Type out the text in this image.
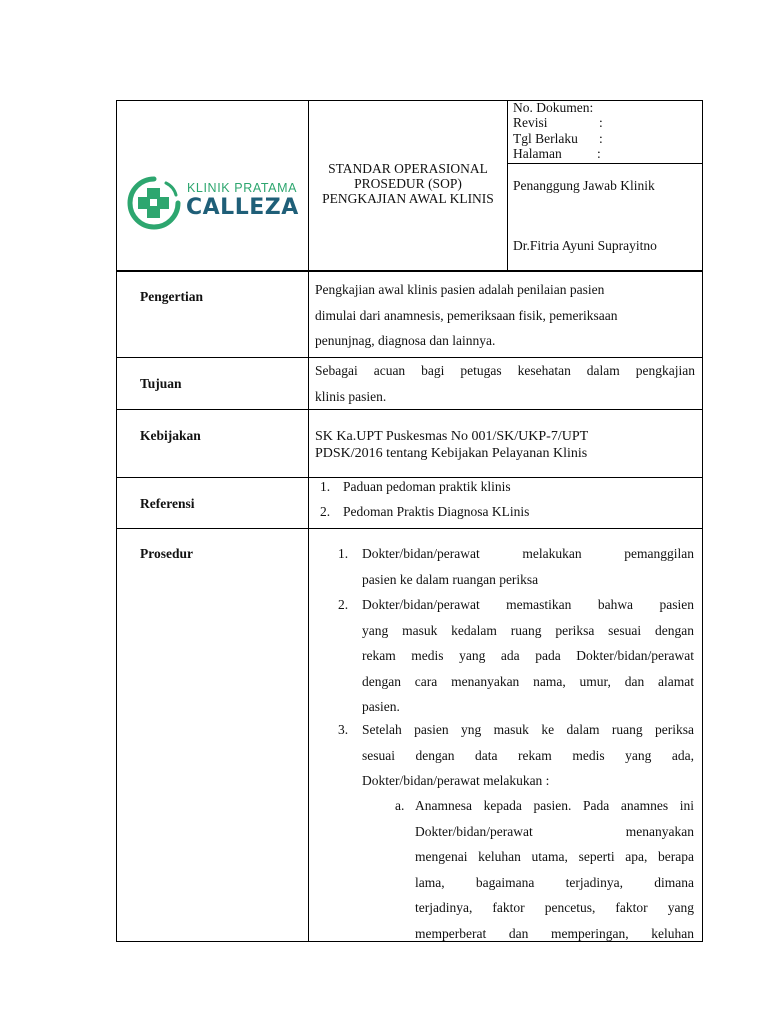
KLINIK PRATAMA
CALLEZA
STANDAR OPERASIONAL
PROSEDUR (SOP)
PENGKAJIAN AWAL KLINIS
No. Dokumen:
Revisi	:
Tgl Berlaku :
Halaman	:
Penanggung Jawab Klinik
Dr.Fitria Ayuni Suprayitno
Pengertian	Pengkajian awal klinis pasien adalah penilaian pasien
dimulai dari anamnesis, pemeriksaan fisik, pemeriksaan
penunjnag, diagnosa dan lainnya.
Tujuan
Sebagai acuan bagi petugas kesehatan dalam pengkajian
klinis pasien.
Kebijakan	SK Ka.UPT Puskesmas No 001/SK/UKP-7/UPT
PDSK/2016 tentang Kebijakan Pelayanan Klinis
Referensi
1. Paduan pedoman praktik klinis
2. Pedoman Praktis Diagnosa KLinis
Prosedur	1. Dokter/bidan/perawat melakukan pemanggilan
pasien ke dalam ruangan periksa
2. Dokter/bidan/perawat memastikan bahwa pasien
yang masuk kedalam ruang periksa sesuai dengan
rekam medis yang ada pada Dokter/bidan/perawat
dengan cara menanyakan nama, umur, dan alamat
pasien.
3. Setelah pasien yng masuk ke dalam ruang periksa
sesuai dengan data rekam medis yang ada,
Dokter/bidan/perawat melakukan :
a. Anamnesa kepada pasien. Pada anamnes ini
Dokter/bidan/perawat menanyakan
mengenai keluhan utama, seperti apa, berapa
lama, bagaimana terjadinya, dimana
terjadinya, faktor pencetus, faktor yang
memperberat dan memperingan, keluhan
